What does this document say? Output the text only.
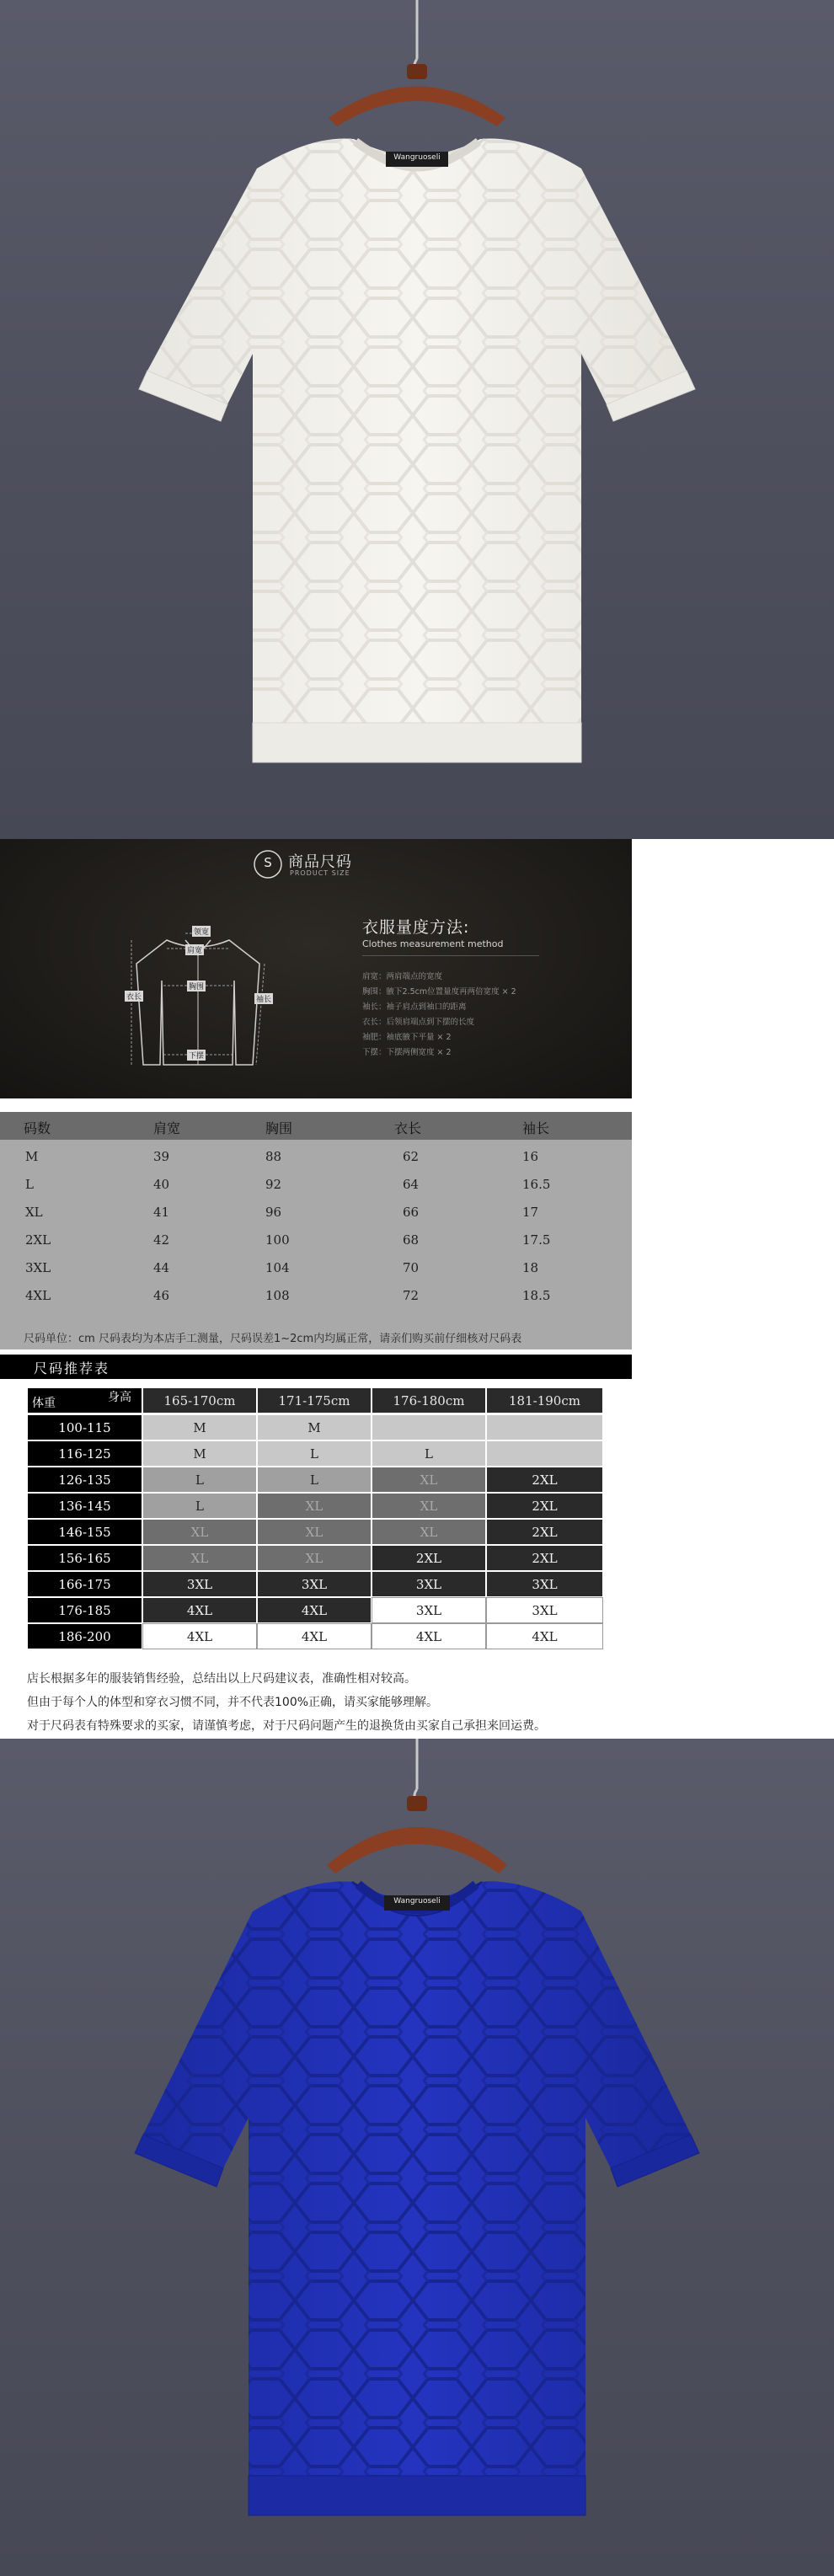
Wangruoseli
S	商品尺码
PRODUCT SIZE
领宽
肩宽
胸围
衣长	袖长
下摆
衣服量度方法:
Clothes measurement method
肩宽：两肩端点的宽度
胸围：腋下2.5cm位置量度再两倍宽度 × 2
袖长：袖子肩点到袖口的距离
衣长：后领肩端点到下摆的长度
袖肥：袖底腋下平量 × 2
下摆：下摆两侧宽度 × 2
码数	肩宽	胸围	衣长	袖长
M	39	88	62	16
L	40	92	64	16.5
XL	41	96	66	17
2XL	42	100	68	17.5
3XL	44	104	70	18
4XL	46	108	72	18.5
尺码单位：cm 尺码表均为本店手工测量，尺码误差1~2cm内均属正常，请亲们购买前仔细核对尺码表
尺码推荐表
身高
体重	165-170cm	171-175cm	176-180cm	181-190cm
100-115	M	M
116-125	M	L	L
126-135	L	L	XL	2XL
136-145	L	XL	XL	2XL
146-155	XL	XL	XL	2XL
156-165	XL	XL	2XL	2XL
166-175	3XL	3XL	3XL	3XL
176-185	4XL	4XL	3XL	3XL
186-200	4XL	4XL	4XL	4XL
店长根据多年的服装销售经验，总结出以上尺码建议表，准确性相对较高。
但由于每个人的体型和穿衣习惯不同，并不代表100%正确，请买家能够理解。
对于尺码表有特殊要求的买家，请谨慎考虑，对于尺码问题产生的退换货由买家自己承担来回运费。
Wangruoseli
